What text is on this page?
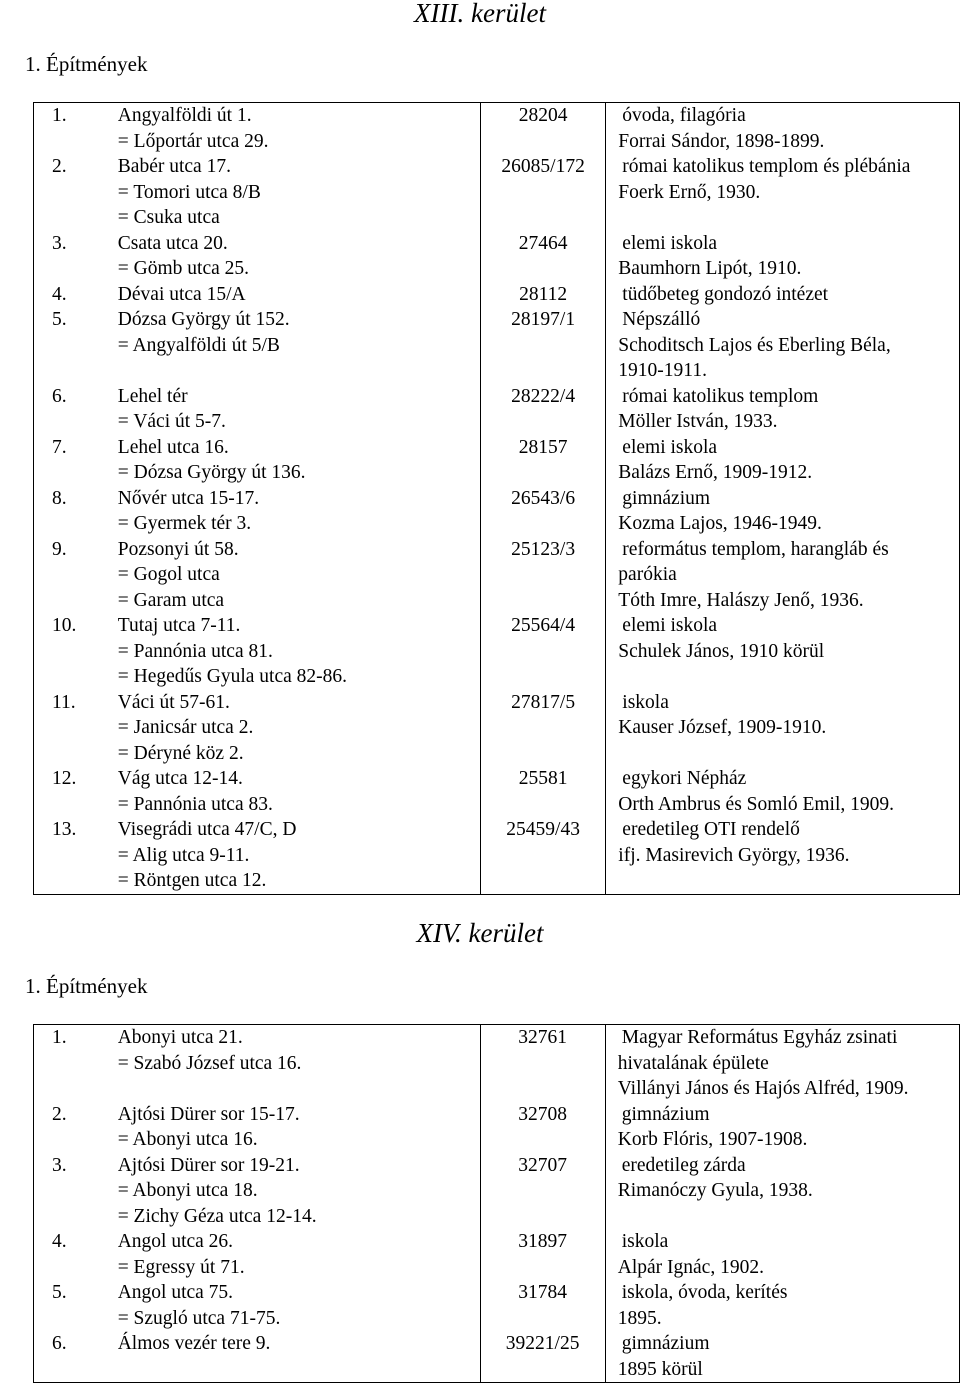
XIII. kerület
1. Építmények
1.	Angyalföldi út 1.
= Lőportár utca 29.	28204	óvoda, filagória
Forrai Sándor, 1898-1899.

2.	Babér utca 17.
= Tomori utca 8/B
= Csuka utca	26085/172	római katolikus templom és plébánia
Foerk Ernő, 1930.

3.	Csata utca 20.
= Gömb utca 25.	27464	elemi iskola
Baumhorn Lipót, 1910.

4.	Dévai utca 15/A	28112	tüdőbeteg gondozó intézet

5.	Dózsa György út 152.
= Angyalföldi út 5/B	28197/1	Népszálló
Schoditsch Lajos és Eberling Béla,
1910-1911.

6.	Lehel tér
= Váci út 5-7.	28222/4	római katolikus templom
Möller István, 1933.

7.	Lehel utca 16.
= Dózsa György út 136.	28157	elemi iskola
Balázs Ernő, 1909-1912.

8.	Nővér utca 15-17.
= Gyermek tér 3.	26543/6	gimnázium
Kozma Lajos, 1946-1949.

9.	Pozsonyi út 58.
= Gogol utca
= Garam utca	25123/3	református templom, harangláb és
parókia
Tóth Imre, Halászy Jenő, 1936.

10.	Tutaj utca 7-11.
= Pannónia utca 81.
= Hegedűs Gyula utca 82-86.	25564/4	elemi iskola
Schulek János, 1910 körül

11.	Váci út 57-61.
= Janicsár utca 2.
= Déryné köz 2.	27817/5	iskola
Kauser József, 1909-1910.

12.	Vág utca 12-14.
= Pannónia utca 83.	25581	egykori Népház
Orth Ambrus és Somló Emil, 1909.

13.	Visegrádi utca 47/C, D
= Alig utca 9-11.
= Röntgen utca 12.	25459/43	eredetileg OTI rendelő
ifj. Masirevich György, 1936.
XIV. kerület
1. Építmények
1.	Abonyi utca 21.
= Szabó József utca 16.	32761	Magyar Református Egyház zsinati
hivatalának épülete
Villányi János és Hajós Alfréd, 1909.

2.	Ajtósi Dürer sor 15-17.
= Abonyi utca 16.	32708	gimnázium
Korb Flóris, 1907-1908.

3.	Ajtósi Dürer sor 19-21.
= Abonyi utca 18.
= Zichy Géza utca 12-14.	32707	eredetileg zárda
Rimanóczy Gyula, 1938.

4.	Angol utca 26.
= Egressy út 71.	31897	iskola
Alpár Ignác, 1902.

5.	Angol utca 75.
= Szugló utca 71-75.	31784	iskola, óvoda, kerítés
1895.

6.	Álmos vezér tere 9.	39221/25	gimnázium
1895 körül
